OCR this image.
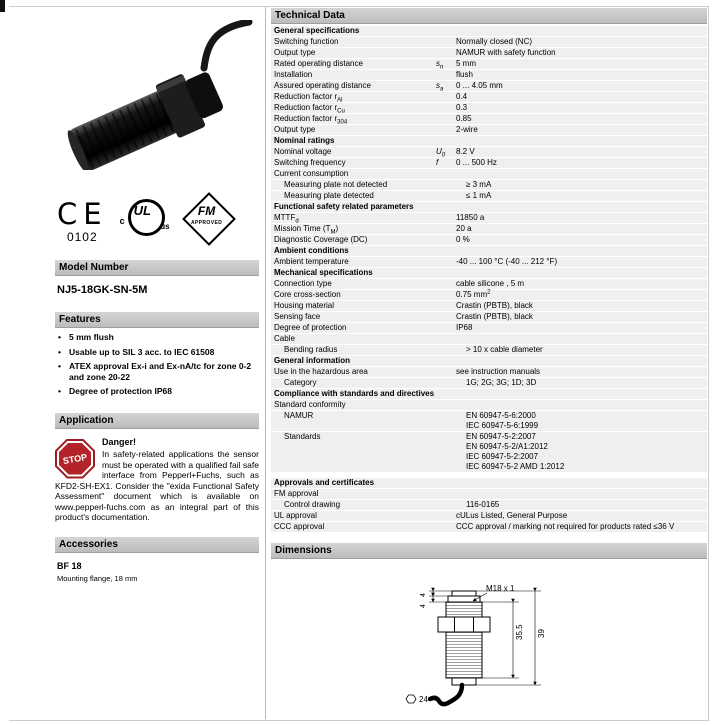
CE
0102
UL
c
us
FM
APPROVED
Model Number
NJ5-18GK-SN-5M
Features
• 5 mm flush
• Usable up to SIL 3 acc. to IEC 61508
• ATEX approval Ex-i and Ex-nA/tc for zone 0-2 and zone 20-22
• Degree of protection IP68
Application
STOP
Danger!
In safety-related applications the sensor must be operated with a qualified fail safe interface from Pepperl+Fuchs, such as KFD2-SH-EX1. Consider the "exida Functional Safety Assessment" document which is available on www.pepperl-fuchs.com as an integral part of this product's documentation.
Accessories
BF 18
Mounting flange, 18 mm
Technical Data
General specifications
Switching function	Normally closed (NC)
Output type	NAMUR with safety function
Rated operating distance	$s_n$	5 mm
Installation	flush
Assured operating distance	$s_a$	0 ... 4.05 mm
Reduction factor $r_{Al}$	0.4
Reduction factor $r_{Cu}$	0.3
Reduction factor $r_{304}$	0.85
Output type	2-wire
Nominal ratings
Nominal voltage	$U_0$	8.2 V
Switching frequency	f	0 ... 500 Hz
Current consumption
Measuring plate not detected	≥ 3 mA
Measuring plate detected	≤ 1 mA
Functional safety related parameters
$MTTF_d$	11850 a
Mission Time $(T_M)$	20 a
Diagnostic Coverage (DC)	0 %
Ambient conditions
Ambient temperature	-40 ... 100 °C (-40 ... 212 °F)
Mechanical specifications
Connection type	cable silicone , 5 m
Core cross-section	0.75 $mm^2$
Housing material	Crastin (PBTB), black
Sensing face	Crastin (PBTB), black
Degree of protection	IP68
Cable
Bending radius	> 10 x cable diameter
General information
Use in the hazardous area	see instruction manuals
Category	1G; 2G; 3G; 1D; 3D
Compliance with standards and directives
Standard conformity
NAMUR	EN 60947-5-6:2000
IEC 60947-5-6:1999
Standards	EN 60947-5-2:2007
EN 60947-5-2/A1:2012
IEC 60947-5-2:2007
IEC 60947-5-2 AMD 1:2012
Approvals and certificates
FM approval
Control drawing	116-0165
UL approval	cULus Listed, General Purpose
CCC approval	CCC approval / marking not required for products rated ≤36 V
Dimensions
M18 x 1
4
4
35.5 39
24
